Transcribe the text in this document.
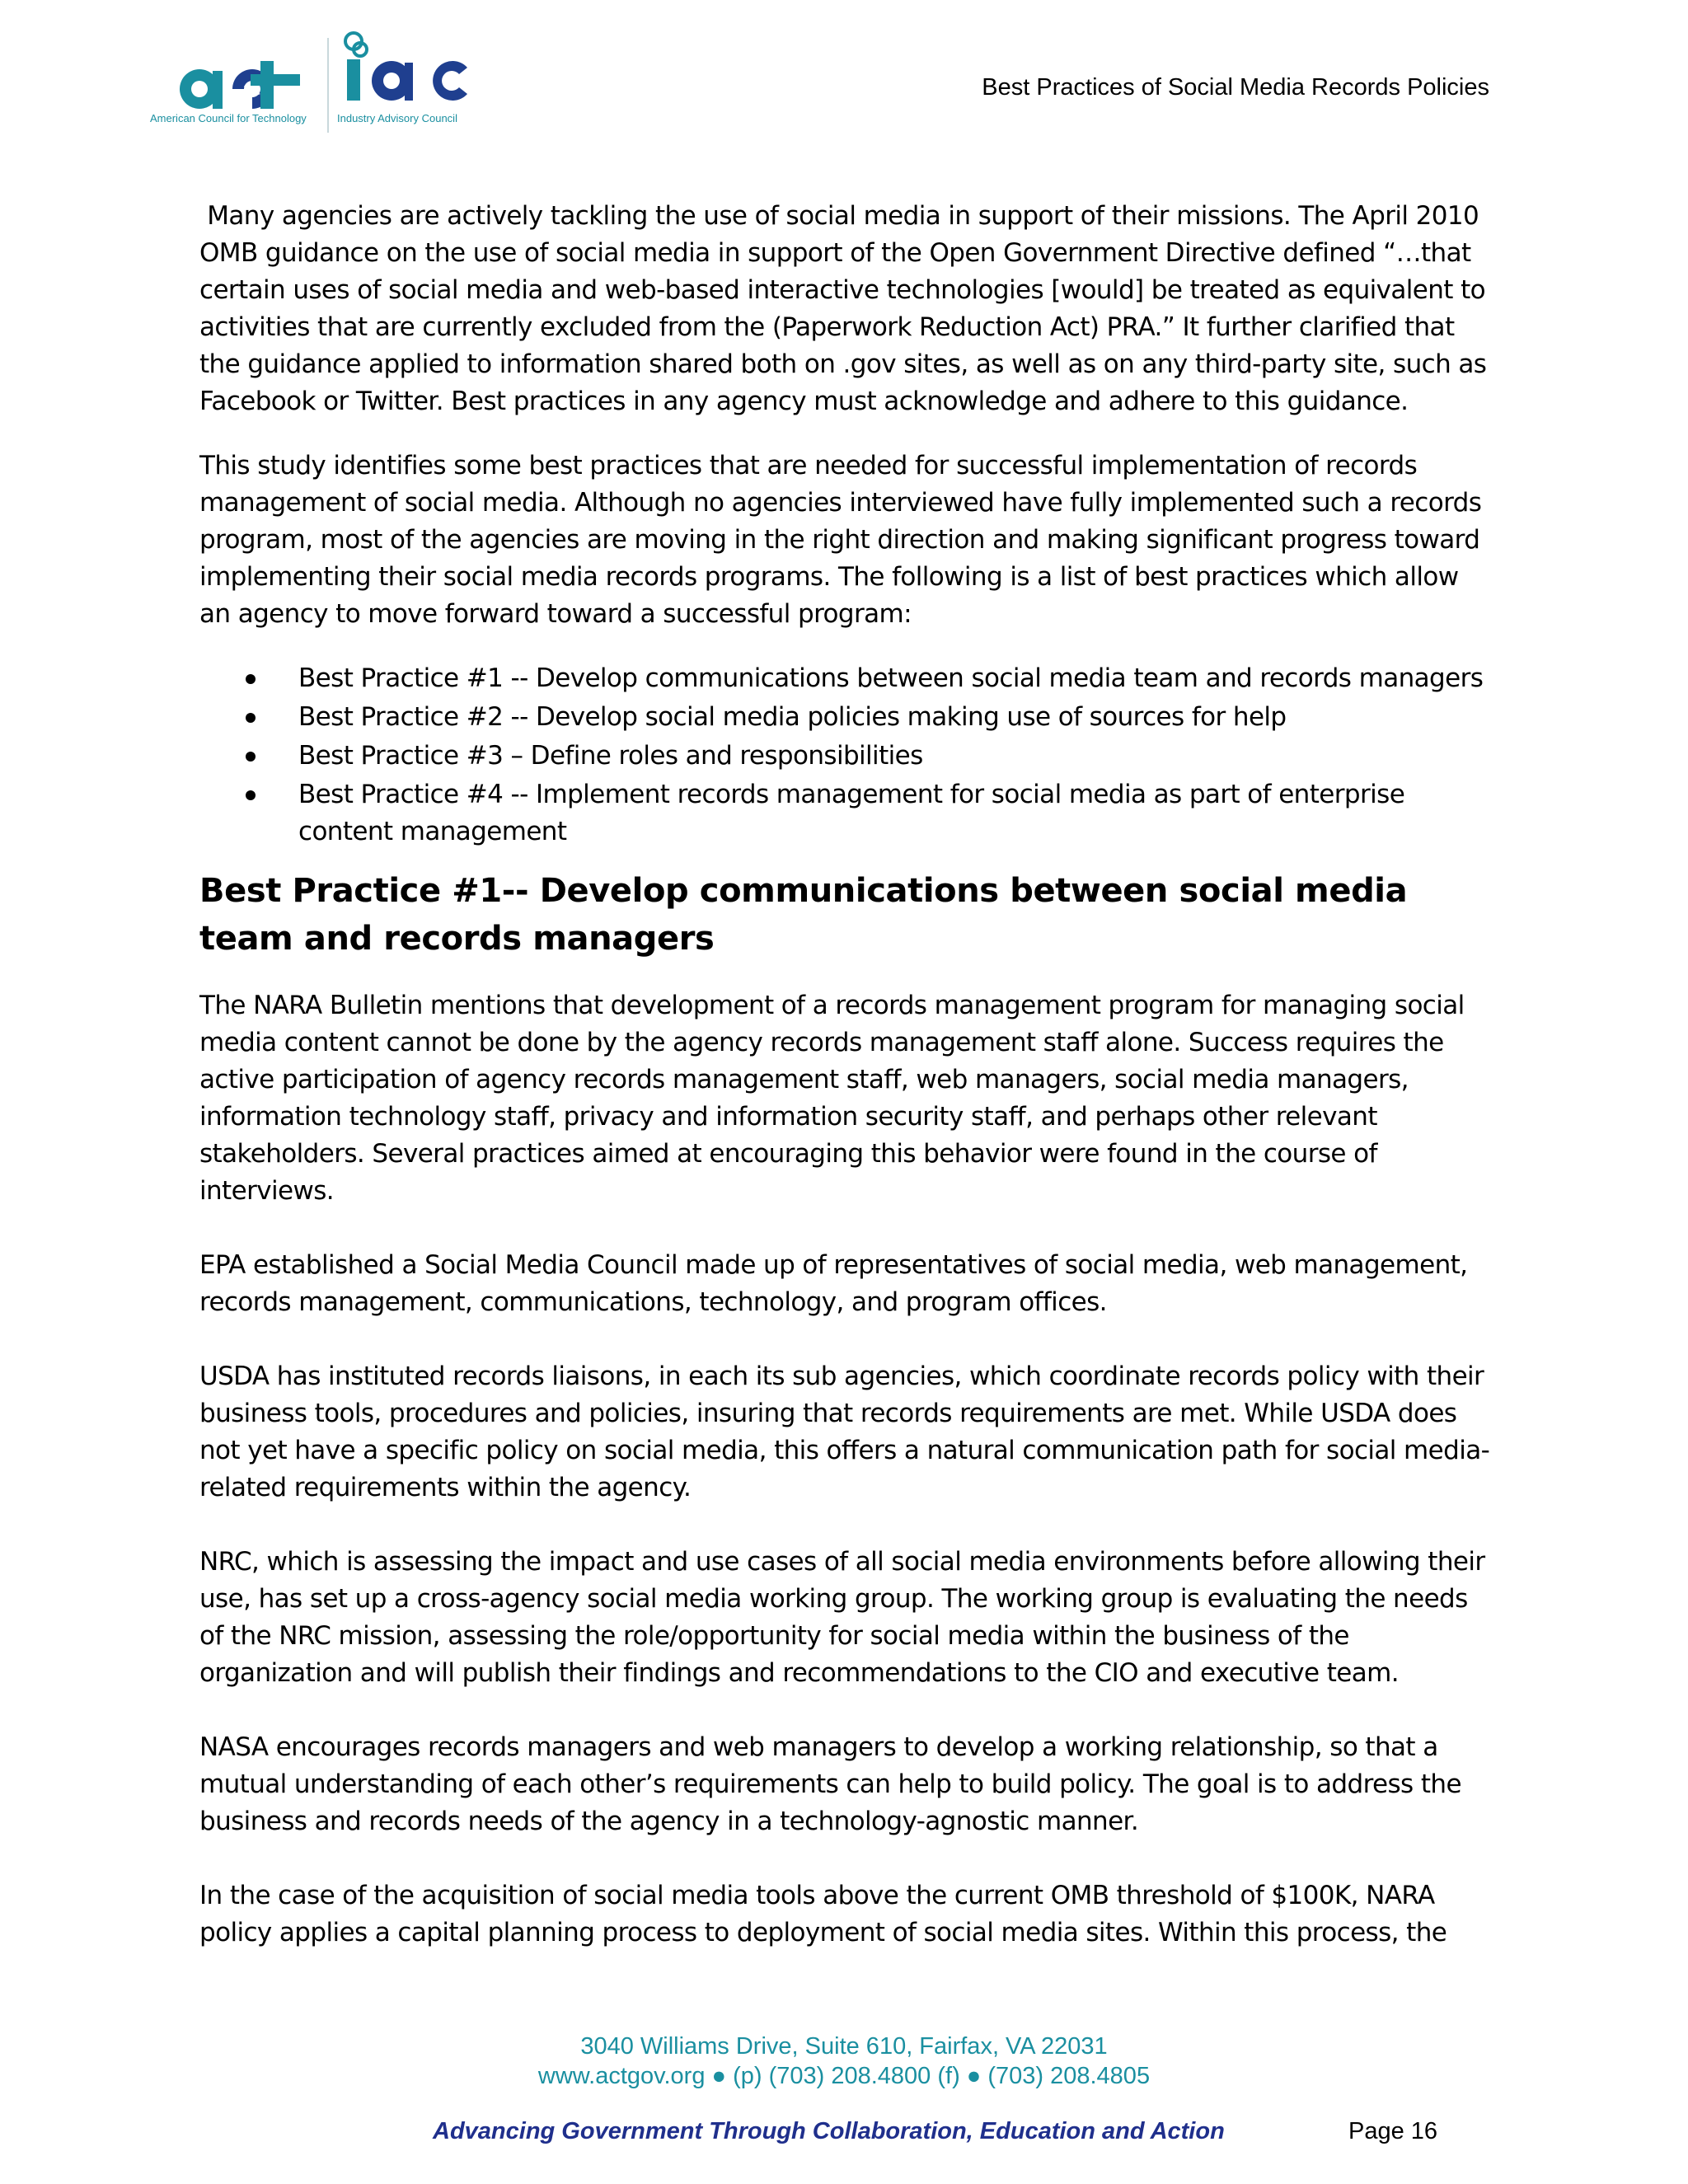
American Council for Technology	Industry Advisory Council
Best Practices of Social Media Records Policies

Many agencies are actively tackling the use of social media in support of their missions. The April 2010 OMB guidance on the use of social media in support of the Open Government Directive defined “…that certain uses of social media and web-based interactive technologies [would] be treated as equivalent to activities that are currently excluded from the (Paperwork Reduction Act) PRA.” It further clarified that the guidance applied to information shared both on .gov sites, as well as on any third-party site, such as Facebook or Twitter. Best practices in any agency must acknowledge and adhere to this guidance.

This study identifies some best practices that are needed for successful implementation of records management of social media. Although no agencies interviewed have fully implemented such a records program, most of the agencies are moving in the right direction and making significant progress toward implementing their social media records programs. The following is a list of best practices which allow an agency to move forward toward a successful program:

Best Practice #1 -- Develop communications between social media team and records managers
Best Practice #2 -- Develop social media policies making use of sources for help
Best Practice #3 – Define roles and responsibilities
Best Practice #4 -- Implement records management for social media as part of enterprise content management
Best Practice #1-- Develop communications between social media team and records managers

The NARA Bulletin mentions that development of a records management program for managing social media content cannot be done by the agency records management staff alone. Success requires the active participation of agency records management staff, web managers, social media managers, information technology staff, privacy and information security staff, and perhaps other relevant stakeholders. Several practices aimed at encouraging this behavior were found in the course of interviews.

EPA established a Social Media Council made up of representatives of social media, web management, records management, communications, technology, and program offices.

USDA has instituted records liaisons, in each its sub agencies, which coordinate records policy with their business tools, procedures and policies, insuring that records requirements are met. While USDA does not yet have a specific policy on social media, this offers a natural communication path for social media-related requirements within the agency.

NRC, which is assessing the impact and use cases of all social media environments before allowing their use, has set up a cross-agency social media working group. The working group is evaluating the needs of the NRC mission, assessing the role/opportunity for social media within the business of the organization and will publish their findings and recommendations to the CIO and executive team.

NASA encourages records managers and web managers to develop a working relationship, so that a mutual understanding of each other’s requirements can help to build policy. The goal is to address the business and records needs of the agency in a technology-agnostic manner.

In the case of the acquisition of social media tools above the current OMB threshold of $100K, NARA policy applies a capital planning process to deployment of social media sites. Within this process, the

3040 Williams Drive, Suite 610, Fairfax, VA 22031
www.actgov.org ● (p) (703) 208.4800 (f) ● (703) 208.4805
Advancing Government Through Collaboration, Education and Action	Page 16
